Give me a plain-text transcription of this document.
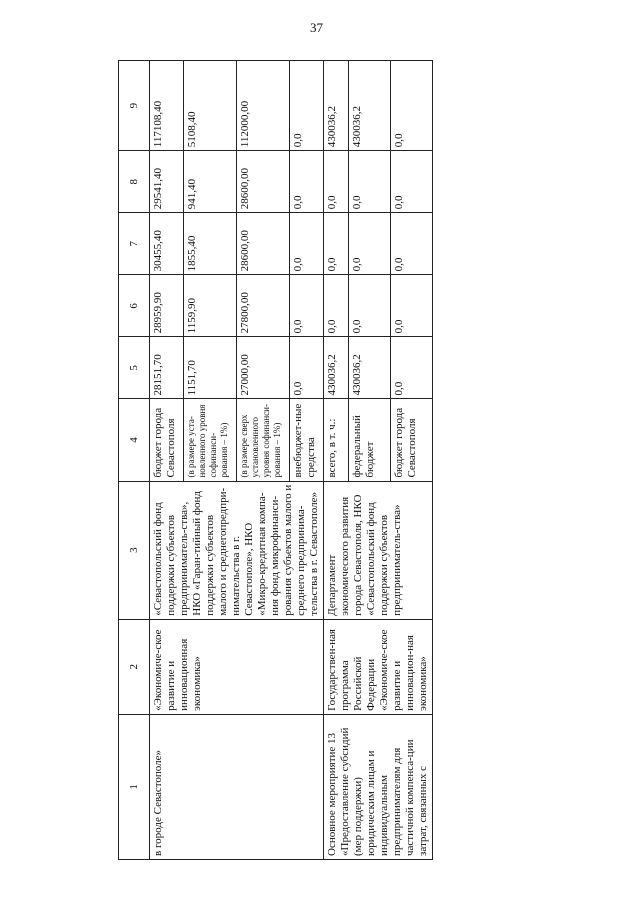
37
1	2	3	4	5	6	7	8	9
в городе Севастополе»	«Экономиче-ское развитие и инновационная экономика»	«Севастопольский фонд поддержки субъектов предприниматель-ства», НКО «Гаран-тийный фонд поддержки субъектов малого и среднегопредпри-нимательства в г. Севастополе», НКО «Микро-кредитная компа-ния фонд микрофинанси-рования субъектов малого и среднего предпринима-тельства в г. Севастополе»	бюджет города Севастополя	28151,70	28959,90	30455,40	29541,40	117108,40
			(в размере уста-новленного уровня софинанси-рования – 1%)	1151,70	1159,90	1855,40	941,40	5108,40
			(в размере сверх установленного уровня софинанси-рования – 1%)	27000,00	27800,00	28600,00	28600,00	112000,00
			внебюджет-ные средства	0,0	0,0	0,0	0,0	0,0
Основное мероприятие 13 «Предоставление субсидий (мер поддержки) юридическим лицам и индивидуальным предпринимателям для частичной компенса-ции затрат, связанных с	Государствен-ная программа Российской Федерации «Экономиче-ское развитие и инновацион-ная экономика»	Департамент экономического развития города Севастополя, НКО «Севастопольский фонд поддержки субъектов предприниматель-ства»	всего, в т. ч.:	430036,2	0,0	0,0	0,0	430036,2
			федеральный бюджет	430036,2	0,0	0,0	0,0	430036,2
			бюджет города Севастополя	0,0	0,0	0,0	0,0	0,0
